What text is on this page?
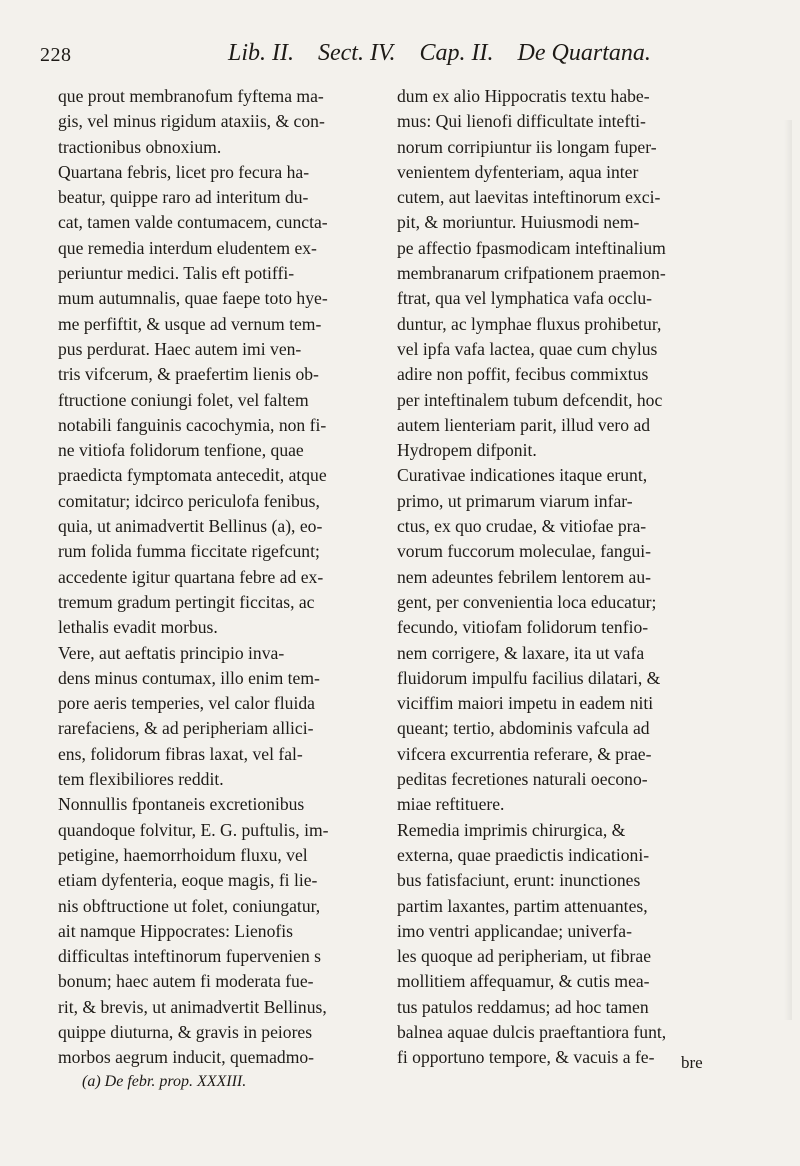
228	Lib. II. Sect. IV. Cap. II. De Quartana.
que prout membranofum fyftema ma-
gis, vel minus rigidum ataxiis, & con-
tractionibus obnoxium.
Quartana febris, licet pro fecura ha-
beatur, quippe raro ad interitum du-
cat, tamen valde contumacem, cuncta-
que remedia interdum eludentem ex-
periuntur medici. Talis eft potiffi-
mum autumnalis, quae faepe toto hye-
me perfiftit, & usque ad vernum tem-
pus perdurat. Haec autem imi ven-
tris vifcerum, & praefertim lienis ob-
ftructione coniungi folet, vel faltem
notabili fanguinis cacochymia, non fi-
ne vitiofa folidorum tenfione, quae
praedicta fymptomata antecedit, atque
comitatur; idcirco periculofa fenibus,
quia, ut animadvertit Bellinus (a), eo-
rum folida fumma ficcitate rigefcunt;
accedente igitur quartana febre ad ex-
tremum gradum pertingit ficcitas, ac
lethalis evadit morbus.
Vere, aut aeftatis principio inva-
dens minus contumax, illo enim tem-
pore aeris temperies, vel calor fluida
rarefaciens, & ad peripheriam allici-
ens, folidorum fibras laxat, vel fal-
tem flexibiliores reddit.
Nonnullis fpontaneis excretionibus
quandoque folvitur, E. G. puftulis, im-
petigine, haemorrhoidum fluxu, vel
etiam dyfenteria, eoque magis, fi lie-
nis obftructione ut folet, coniungatur,
ait namque Hippocrates: Lienofis
difficultas inteftinorum fupervenien s
bonum; haec autem fi moderata fue-
rit, & brevis, ut animadvertit Bellinus,
quippe diuturna, & gravis in peiores
morbos aegrum inducit, quemadmo-
dum ex alio Hippocratis textu habe-
mus: Qui lienofi difficultate intefti-
norum corripiuntur iis longam fuper-
venientem dyfenteriam, aqua inter
cutem, aut laevitas inteftinorum exci-
pit, & moriuntur. Huiusmodi nem-
pe affectio fpasmodicam inteftinalium
membranarum crifpationem praemon-
ftrat, qua vel lymphatica vafa occlu-
duntur, ac lymphae fluxus prohibetur,
vel ipfa vafa lactea, quae cum chylus
adire non poffit, fecibus commixtus
per inteftinalem tubum defcendit, hoc
autem lienteriam parit, illud vero ad
Hydropem difponit.
Curativae indicationes itaque erunt,
primo, ut primarum viarum infar-
ctus, ex quo crudae, & vitiofae pra-
vorum fuccorum moleculae, fangui-
nem adeuntes febrilem lentorem au-
gent, per convenientia loca educatur;
fecundo, vitiofam folidorum tenfio-
nem corrigere, & laxare, ita ut vafa
fluidorum impulfu facilius dilatari, &
viciffim maiori impetu in eadem niti
queant; tertio, abdominis vafcula ad
vifcera excurrentia referare, & prae-
peditas fecretiones naturali oecono-
miae reftituere.
Remedia imprimis chirurgica, &
externa, quae praedictis indicationi-
bus fatisfaciunt, erunt: inunctiones
partim laxantes, partim attenuantes,
imo ventri applicandae; univerfa-
les quoque ad peripheriam, ut fibrae
mollitiem affequamur, & cutis mea-
tus patulos reddamus; ad hoc tamen
balnea aquae dulcis praeftantiora funt,
fi opportuno tempore, & vacuis a fe-	bre
(a) De febr. prop. XXXIII.
